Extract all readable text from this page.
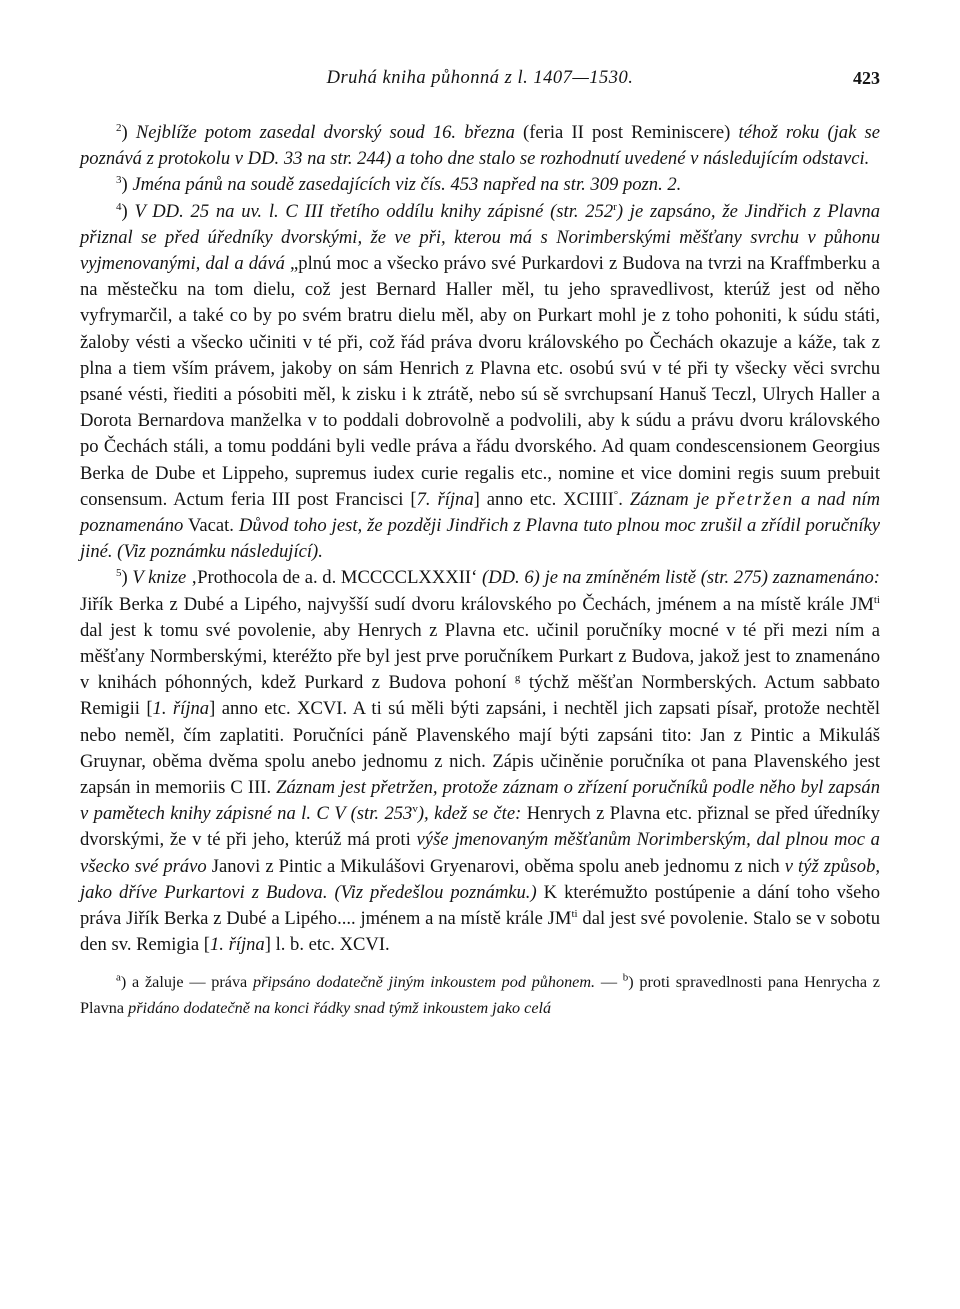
Druhá kniha půhonná z l. 1407—1530.	423

$^2$) Nejblíže potom zasedal dvorský soud 16. března (feria II post Reminiscere) téhož roku (jak se poznává z protokolu v DD. 33 na str. 244) a toho dne stalo se rozhodnutí uvedené v následujícím odstavci.

$^3$) Jména pánů na soudě zasedajících viz čís. 453 napřed na str. 309 pozn. 2.

$^4$) V DD. 25 na uv. l. C III třetího oddílu knihy zápisné (str. 252$^r$) je zapsáno, že Jindřich z Plavna přiznal se před úředníky dvorskými, že ve při, kterou má s Norimberskými měšťany svrchu v půhonu vyjmenovanými, dal a dává „plnú moc a všecko právo své Purkardovi z Budova na tvrzi na Kraffmberku a na městečku na tom dielu, což jest Bernard Haller měl, tu jeho spravedlivost, kterúž jest od něho vyfrymarčil, a také co by po svém bratru dielu měl, aby on Purkart mohl je z toho pohoniti, k súdu státi, žaloby vésti a všecko učiniti v té při, což řád práva dvoru královského po Čechách okazuje a káže, tak z plna a tiem vším právem, jakoby on sám Henrich z Plavna etc. osobú svú v té při ty všecky věci svrchu psané vésti, řiediti a pósobiti měl, k zisku i k ztrátě, nebo sú sě svrchupsaní Hanuš Teczl, Ulrych Haller a Dorota Bernardova manželka v to poddali dobrovolně a podvolili, aby k súdu a právu dvoru královského po Čechách stáli, a tomu poddáni byli vedle práva a řádu dvorského. Ad quam condescensionem Georgius Berka de Dube et Lippeho, supremus iudex curie regalis etc., nomine et vice domini regis suum prebuit consensum. Actum feria III post Francisci [7. října] anno etc. XCIIII°. Záznam je přetržen a nad ním poznamenáno Vacat. Důvod toho jest, že později Jindřich z Plavna tuto plnou moc zrušil a zřídil poručníky jiné. (Viz poznámku následující).

$^5$) V knize ‚Prothocola de a. d. MCCCCLXXXII‘ (DD. 6) je na zmíněném listě (str. 275) zaznamenáno: Jiřík Berka z Dubé a Lipého, najvyšší sudí dvoru královského po Čechách, jménem a na místě krále $JM^{ti}$ dal jest k tomu své povolenie, aby Henrych z Plavna etc. učinil poručníky mocné v té při mezi ním a měšťany Normberskými, kteréžto pře byl jest prve poručníkem Purkart z Budova, jakož jest to znamenáno v knihách póhonných, kdež Purkard z Budova pohoní $^g$ týchž měšťan Normberských. Actum sabbato Remigii [1. října] anno etc. XCVI. A ti sú měli býti zapsáni, i nechtěl jich zapsati písař, protože nechtěl nebo neměl, čím zaplatiti. Poručníci páně Plavenského mají býti zapsáni tito: Jan z Pintic a Mikuláš Gruynar, oběma dvěma spolu anebo jednomu z nich. Zápis učiněnie poručníka ot pana Plavenského jest zapsán in memoriis C III. Záznam jest přetržen, protože záznam o zřízení poručníků podle něho byl zapsán v pamětech knihy zápisné na l. C V (str. 253$^v$), kdež se čte: Henrych z Plavna etc. přiznal se před úředníky dvorskými, že v té při jeho, kterúž má proti výše jmenovaným měšťanům Norimberským, dal plnou moc a všecko své právo Janovi z Pintic a Mikulášovi Gryenarovi, oběma spolu aneb jednomu z nich v týž způsob, jako dříve Purkartovi z Budova. (Viz předešlou poznámku.) K kterémužto postúpenie a dání toho všeho práva Jiřík Berka z Dubé a Lipého.... jménem a na místě krále $JM^{ti}$ dal jest své povolenie. Stalo se v sobotu den sv. Remigia [1. října] l. b. etc. XCVI.

$^a$) a žaluje — práva připsáno dodatečně jiným inkoustem pod půhonem. — $^b$) proti spravedlnosti pana Henrycha z Plavna přidáno dodatečně na konci řádky snad týmž inkoustem jako celá
